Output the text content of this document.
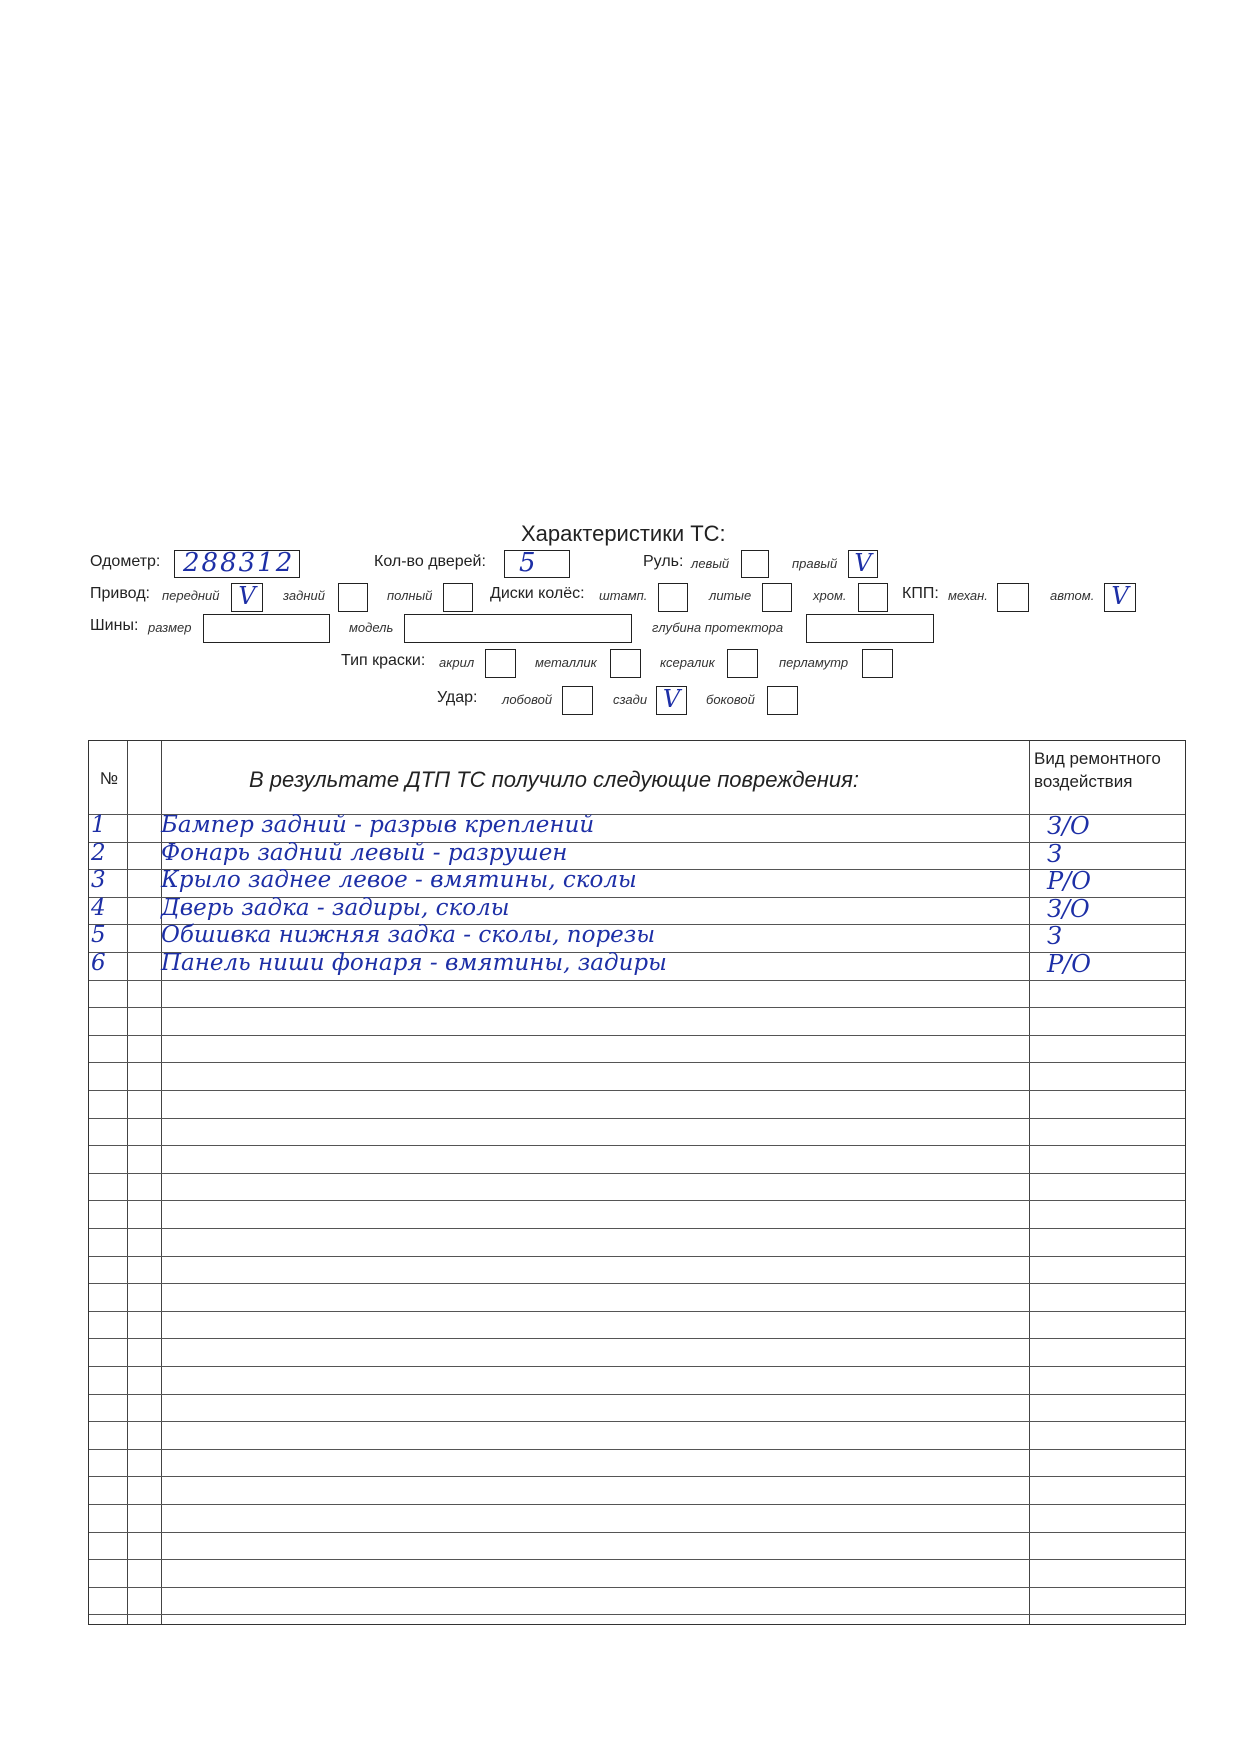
Характеристики ТС:
Одометр: 288312	Кол-во дверей: 5	Руль: левый	правый V
Привод: передний V	задний	полный	Диски колёс: штамп.	литые	хром.	КПП: механ.	автом. V
Шины: размер	модель	глубина протектора
Тип краски: акрил	металлик	ксералик	перламутр
Удар: лобовой	сзади V	боковой
№	В результате ДТП ТС получило следующие повреждения:
Вид ремонтного воздействия
1	Бампер задний - разрыв креплений	З/О
2	Фонарь задний левый - разрушен	З
3	Крыло заднее левое - вмятины, сколы	Р/О
4	Дверь задка - задиры, сколы	З/О
5	Обшивка нижняя задка - сколы, порезы	З
6	Панель ниши фонаря - вмятины, задиры	Р/О
